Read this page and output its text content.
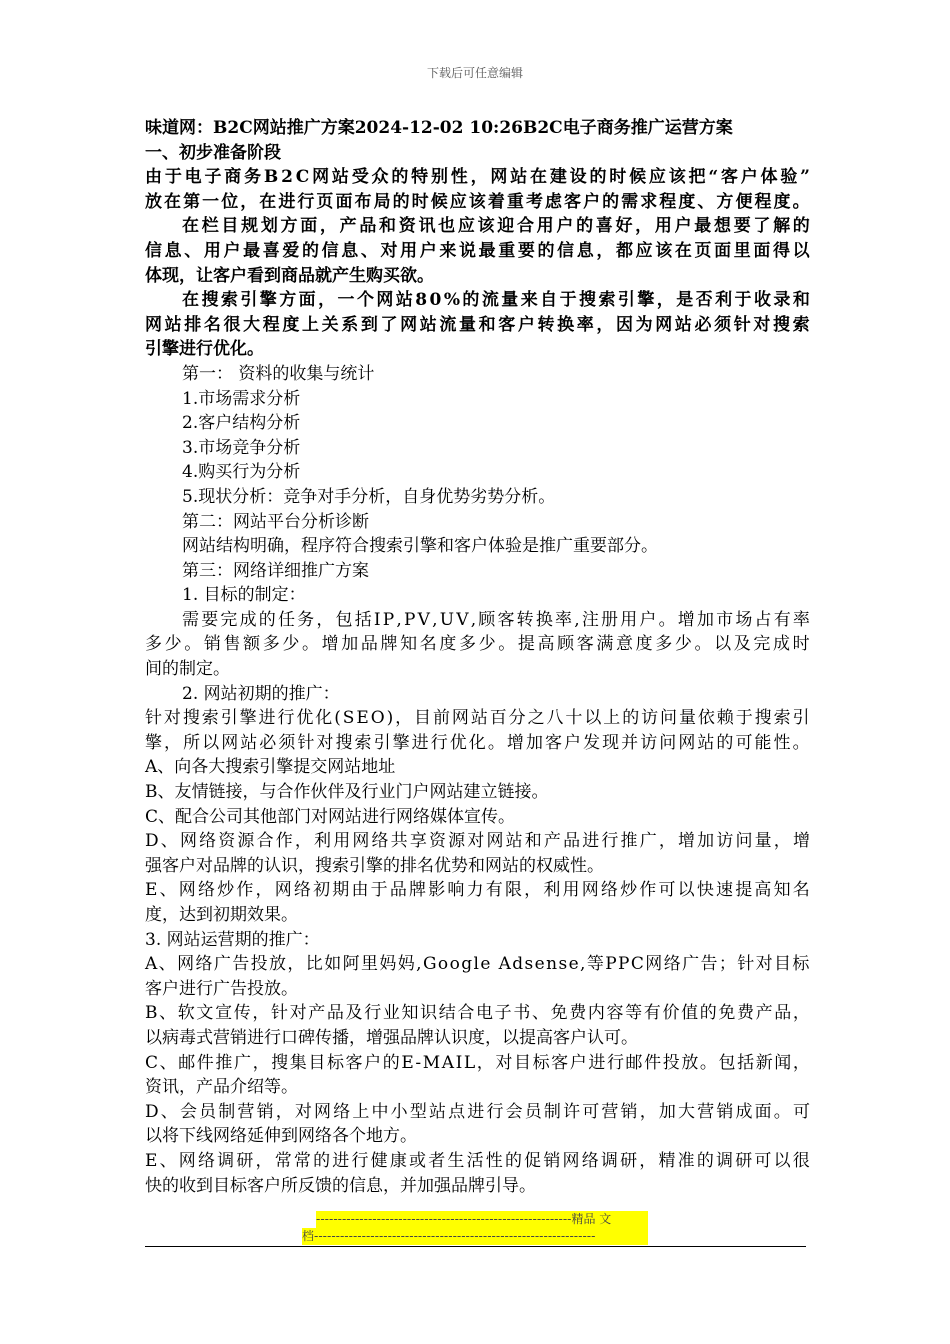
下载后可任意编辑
味道网：B2C网站推广方案2024-12-02 10:26B2C电子商务推广运营方案
一、初步准备阶段
由 于 电 子 商 务 B 2 C 网 站 受 众 的 特 别 性 ， 网 站 在 建 设 的 时 候 应 该 把 “ 客 户 体 验 ”
放 在 第 一 位 ， 在 进 行 页 面 布 局 的 时 候 应 该 着 重 考 虑 客 户 的 需 求 程 度 、 方 便 程 度 。
在 栏 目 规 划 方 面 ， 产 品 和 资 讯 也 应 该 迎 合 用 户 的 喜 好 ， 用 户 最 想 要 了 解 的
信 息 、 用 户 最 喜 爱 的 信 息 、 对 用 户 来 说 最 重 要 的 信 息 ， 都 应 该 在 页 面 里 面 得 以
体现，让客户看到商品就产生购买欲。
在 搜 索 引 擎 方 面 ， 一 个 网 站 8 0 % 的 流 量 来 自 于 搜 索 引 擎 ， 是 否 利 于 收 录 和
网 站 排 名 很 大 程 度 上 关 系 到 了 网 站 流 量 和 客 户 转 换 率 ， 因 为 网 站 必 须 针 对 搜 索
引擎进行优化。
第一： 资料的收集与统计
1.市场需求分析
2.客户结构分析
3.市场竞争分析
4.购买行为分析
5.现状分析：竞争对手分析，自身优势劣势分析。
第二：网站平台分析诊断
网站结构明确，程序符合搜索引擎和客户体验是推广重要部分。
第三：网络详细推广方案
1. 目标的制定：
需 要 完 成 的 任 务 ， 包 括 I P , P V , U V , 顾 客 转 换 率 , 注 册 用 户 。 增 加 市 场 占 有 率
多 少 。 销 售 额 多 少 。 增 加 品 牌 知 名 度 多 少 。 提 高 顾 客 满 意 度 多 少 。 以 及 完 成 时
间的制定。
2. 网站初期的推广：
针 对 搜 索 引 擎 进 行 优 化 ( S E O ) ， 目 前 网 站 百 分 之 八 十 以 上 的 访 问 量 依 赖 于 搜 索 引
擎 ， 所 以 网 站 必 须 针 对 搜 索 引 擎 进 行 优 化 。 增 加 客 户 发 现 并 访 问 网 站 的 可 能 性 。
A、向各大搜索引擎提交网站地址
B、友情链接，与合作伙伴及行业门户网站建立链接。
C、配合公司其他部门对网站进行网络媒体宣传。
D 、 网 络 资 源 合 作 ， 利 用 网 络 共 享 资 源 对 网 站 和 产 品 进 行 推 广 ， 增 加 访 问 量 ， 增
强客户对品牌的认识，搜索引擎的排名优势和网站的权威性。
E 、 网 络 炒 作 ， 网 络 初 期 由 于 品 牌 影 响 力 有 限 ， 利 用 网 络 炒 作 可 以 快 速 提 高 知 名
度，达到初期效果。
3. 网站运营期的推广：
A 、 网 络 广 告 投 放 ， 比 如 阿 里 妈 妈 , G o o g l e
A d s e n s e , 等 P P C 网 络 广 告 ； 针 对 目 标
客户进行广告投放。
B 、 软 文 宣 传 ， 针 对 产 品 及 行 业 知 识 结 合 电 子 书 、 免 费 内 容 等 有 价 值 的 免 费 产 品 ，
以病毒式营销进行口碑传播，增强品牌认识度，以提高客户认可。
C 、 邮 件 推 广 ， 搜 集 目 标 客 户 的 E - M A I L ， 对 目 标 客 户 进 行 邮 件 投 放 。 包 括 新 闻 ，
资讯，产品介绍等。
D 、 会 员 制 营 销 ， 对 网 络 上 中 小 型 站 点 进 行 会 员 制 许 可 营 销 ， 加 大 营 销 成 面 。 可
以将下线网络延伸到网络各个地方。
E 、 网 络 调 研 ， 常 常 的 进 行 健 康 或 者 生 活 性 的 促 销 网 络 调 研 ， 精 准 的 调 研 可 以 很
快的收到目标客户所反馈的信息，并加强品牌引导。
-----------------------------------------------------------精品 文
档-----------------------------------------------------------------
